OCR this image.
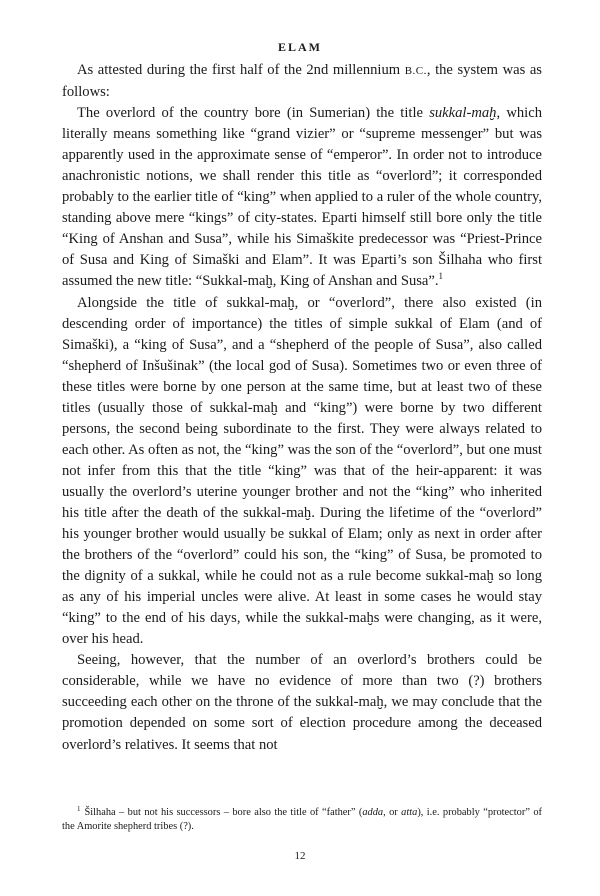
ELAM

As attested during the first half of the 2nd millennium B.C., the system was as follows:

The overlord of the country bore (in Sumerian) the title sukkal-maḫ, which literally means something like “grand vizier” or “supreme messenger” but was apparently used in the approximate sense of “emperor”. In order not to introduce anachronistic notions, we shall render this title as “overlord”; it corresponded probably to the earlier title of “king” when applied to a ruler of the whole country, standing above mere “kings” of city-states. Eparti himself still bore only the title “King of Anshan and Susa”, while his Simaškite predecessor was “Priest-Prince of Susa and King of Simaški and Elam”. It was Eparti’s son Šilhaha who first assumed the new title: “Sukkal-maḫ, King of Anshan and Susa”.$^1$

Alongside the title of sukkal-maḫ, or “overlord”, there also existed (in descending order of importance) the titles of simple sukkal of Elam (and of Simaški), a “king of Susa”, and a “shepherd of the people of Susa”, also called “shepherd of Inšušinak” (the local god of Susa). Sometimes two or even three of these titles were borne by one person at the same time, but at least two of these titles (usually those of sukkal-maḫ and “king”) were borne by two different persons, the second being subordinate to the first. They were always related to each other. As often as not, the “king” was the son of the “overlord”, but one must not infer from this that the title “king” was that of the heir-apparent: it was usually the overlord’s uterine younger brother and not the “king” who inherited his title after the death of the sukkal-maḫ. During the lifetime of the “overlord” his younger brother would usually be sukkal of Elam; only as next in order after the brothers of the “overlord” could his son, the “king” of Susa, be promoted to the dignity of a sukkal, while he could not as a rule become sukkal-maḫ so long as any of his imperial uncles were alive. At least in some cases he would stay “king” to the end of his days, while the sukkal-maḫs were changing, as it were, over his head.

Seeing, however, that the number of an overlord’s brothers could be considerable, while we have no evidence of more than two (?) brothers succeeding each other on the throne of the sukkal-maḫ, we may conclude that the promotion depended on some sort of election procedure among the deceased overlord’s relatives. It seems that not

$^1$ Šilhaha – but not his successors – bore also the title of “father” (adda, or atta), i.e. probably “protector” of the Amorite shepherd tribes (?).
12
